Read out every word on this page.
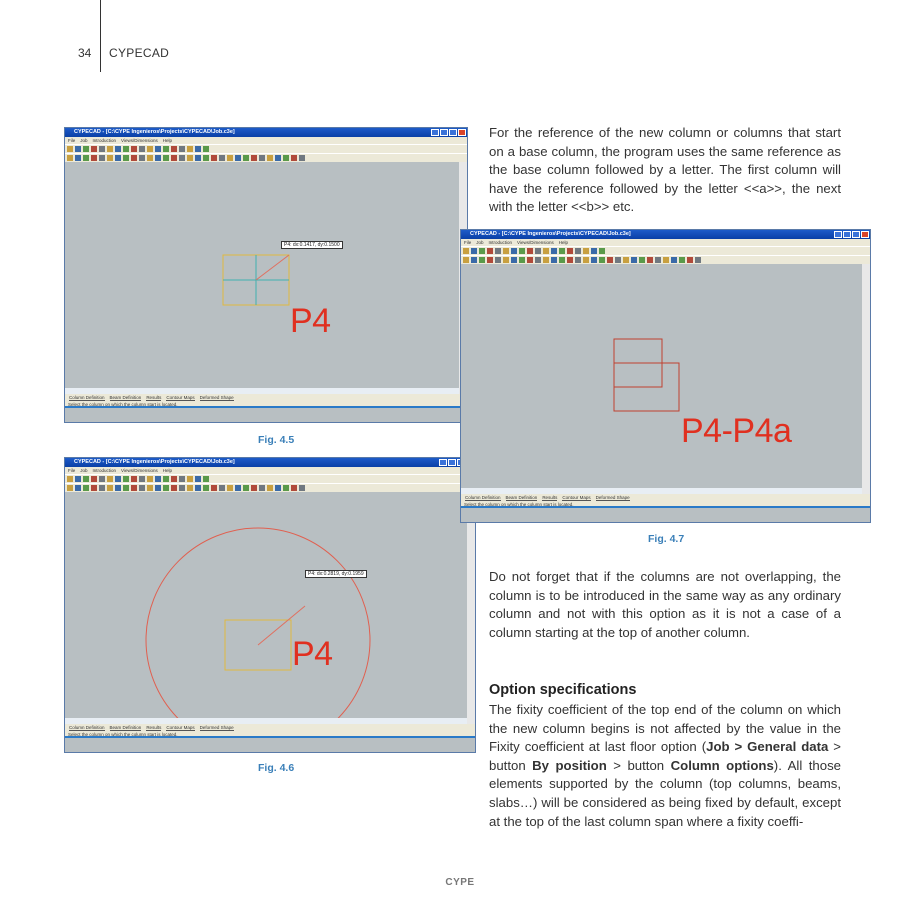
34 CYPECAD
CYPECAD - [C:\CYPE Ingenieros\Projects\CYPECAD\Job.c3e]
File Job Introduction Views/Dimensions Help
P4: dx:0.1417, dy:0.1500
P4
Column Definition Beam Definition Results Contour Maps Deformed Shape
Select the column on which the column start is located.
Fig. 4.5
CYPECAD - [C:\CYPE Ingenieros\Projects\CYPECAD\Job.c3e]
File Job Introduction Views/Dimensions Help
P4: dx:0.2819, dy:0.1959
P4
Column Definition Beam Definition Results Contour Maps Deformed Shape
Select the column on which the column start is located.
Fig. 4.6
CYPECAD - [C:\CYPE Ingenieros\Projects\CYPECAD\Job.c3e]
File Job Introduction Views/Dimensions Help
P4-P4a
Column Definition Beam Definition Results Contour Maps Deformed Shape
Select the column on which the column start is located.
Fig. 4.7
For the reference of the new column or columns that start on a base column, the program uses the same reference as the base column followed by a letter. The first column will have the reference followed by the letter <<a>>, the next with the letter <<b>> etc.
Do not forget that if the columns are not overlapping, the column is to be introduced in the same way as any ordinary column and not with this option as it is not a case of a column starting at the top of another column.
Option specifications
The fixity coefficient of the top end of the column on which the new column begins is not affected by the value in the Fixity coefficient at last floor option (Job > General data > button By position > button Column options). All those elements supported by the column (top columns, beams, slabs…) will be considered as being fixed by default, except at the top of the last column span where a fixity coeffi-
CYPE
